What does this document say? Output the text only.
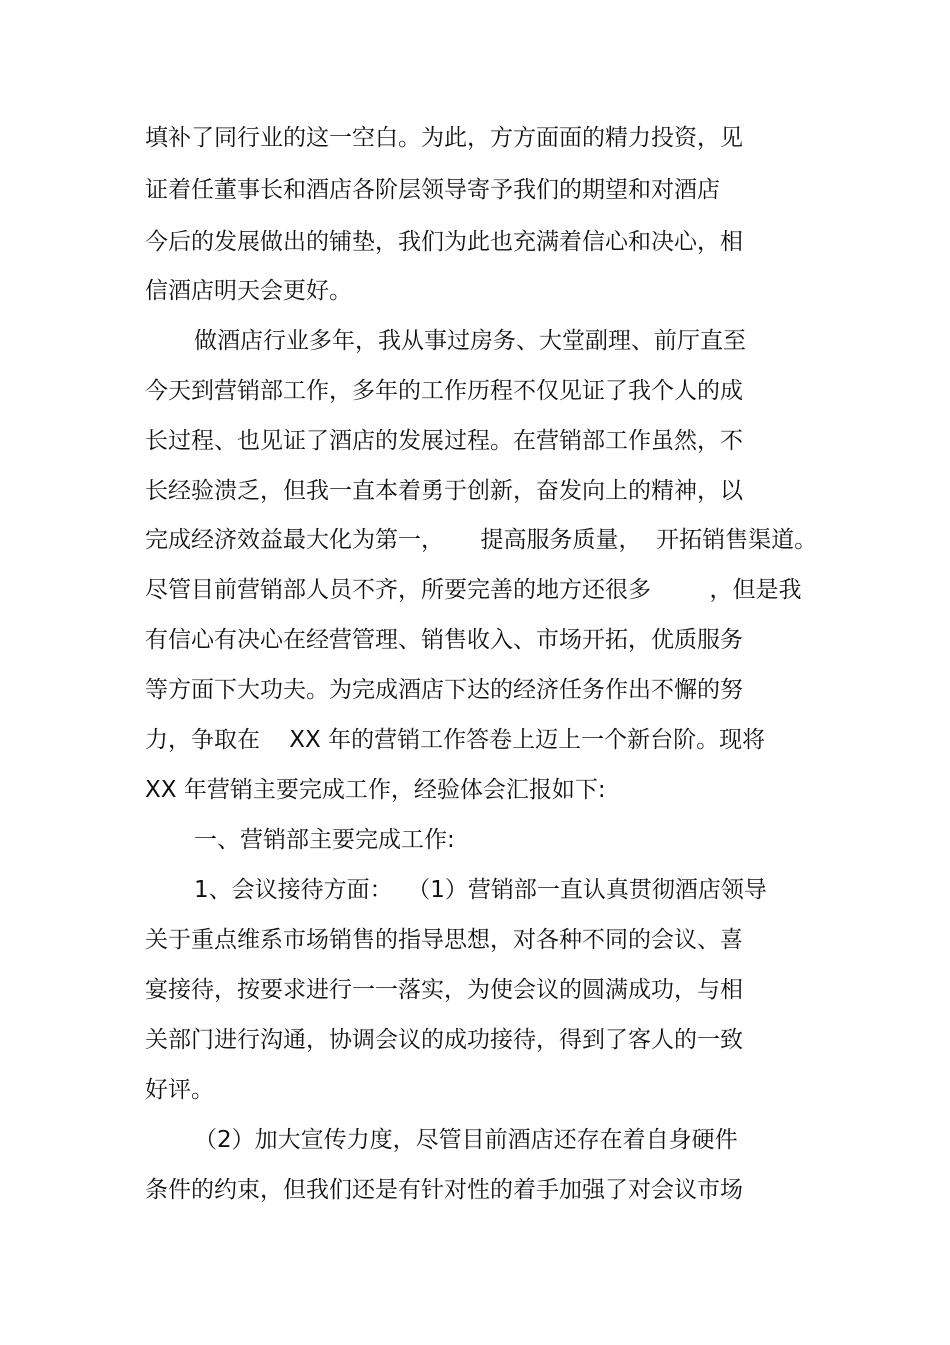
填补了同行业的这一空白。为此，方方面面的精力投资，见
证着任董事长和酒店各阶层领导寄予我们的期望和对酒店
今后的发展做出的铺垫，我们为此也充满着信心和决心，相
信酒店明天会更好。
做酒店行业多年，我从事过房务、大堂副理、前厅直至
今天到营销部工作，多年的工作历程不仅见证了我个人的成
长过程、也见证了酒店的发展过程。在营销部工作虽然，不
长经验溃乏，但我一直本着勇于创新，奋发向上的精神，以
完成经济效益最大化为第一，     提高服务质量，  开拓销售渠道。
尽管目前营销部人员不齐，所要完善的地方还很多        ，但是我
有信心有决心在经营管理、销售收入、市场开拓，优质服务
等方面下大功夫。为完成酒店下达的经济任务作出不懈的努
力，争取在    XX 年的营销工作答卷上迈上一个新台阶。现将
XX 年营销主要完成工作，经验体会汇报如下:
一、营销部主要完成工作:
1、会议接待方面：  （1）营销部一直认真贯彻酒店领导
关于重点维系市场销售的指导思想，对各种不同的会议、喜
宴接待，按要求进行一一落实，为使会议的圆满成功，与相
关部门进行沟通，协调会议的成功接待，得到了客人的一致
好评。
（2）加大宣传力度，尽管目前酒店还存在着自身硬件
条件的约束，但我们还是有针对性的着手加强了对会议市场
